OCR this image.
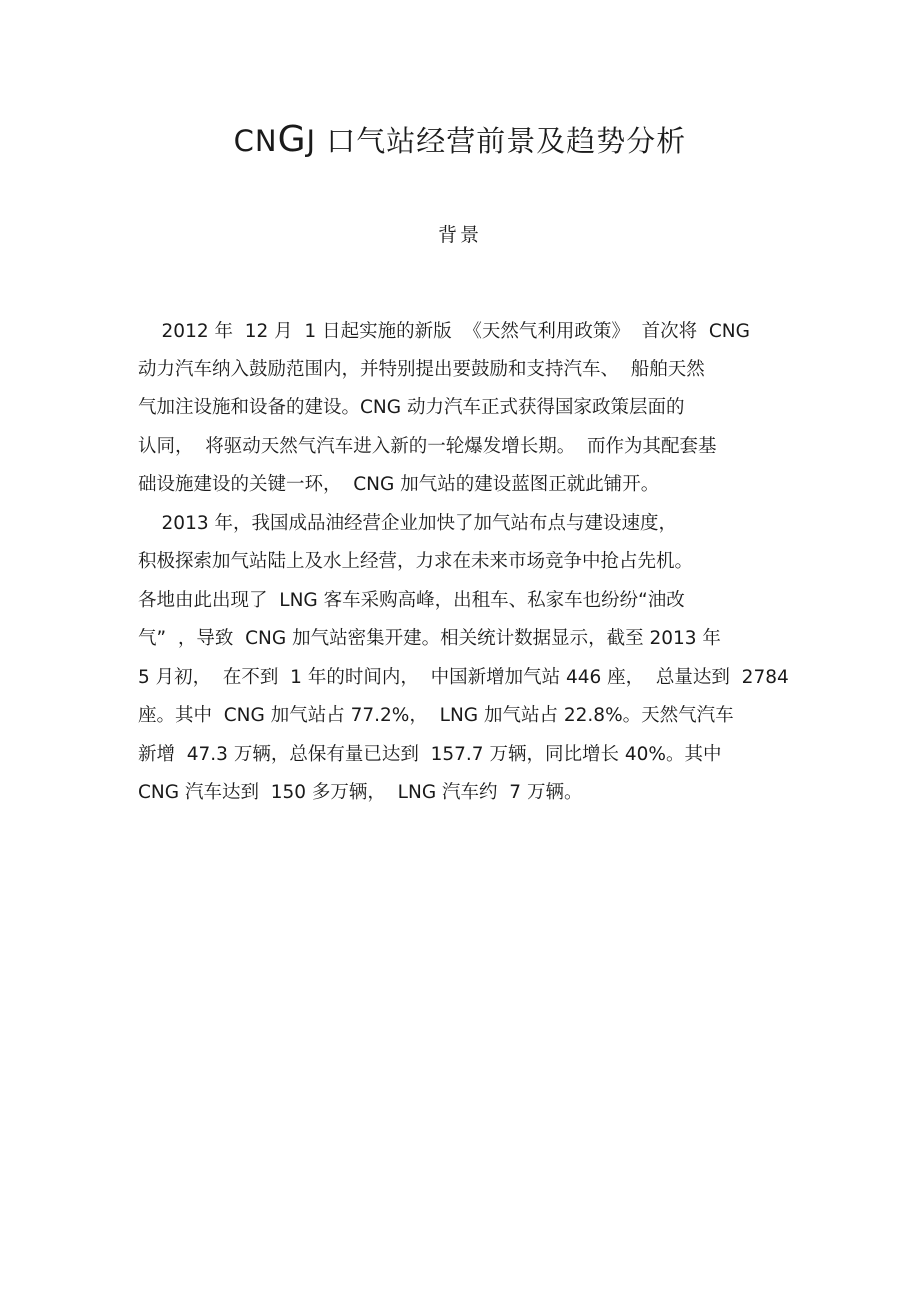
CNGJ 口气站经营前景及趋势分析
背景
2012 年  12 月  1 日起实施的新版  《天然气利用政策》  首次将  CNG
动力汽车纳入鼓励范围内，并特别提出要鼓励和支持汽车、  船舶天然
气加注设施和设备的建设。CNG 动力汽车正式获得国家政策层面的
认同，  将驱动天然气汽车进入新的一轮爆发增长期。  而作为其配套基
础设施建设的关键一环，  CNG 加气站的建设蓝图正就此铺开。
2013 年，我国成品油经营企业加快了加气站布点与建设速度，
积极探索加气站陆上及水上经营，力求在未来市场竞争中抢占先机。
各地由此出现了  LNG 客车采购高峰，出租车、私家车也纷纷“油改
气”  ，导致  CNG 加气站密集开建。相关统计数据显示，截至 2013 年
5 月初，  在不到  1 年的时间内，  中国新增加气站 446 座，  总量达到  2784
座。其中  CNG 加气站占 77.2%，  LNG 加气站占 22.8%。天然气汽车
新增  47.3 万辆，总保有量已达到  157.7 万辆，同比增长 40%。其中
CNG 汽车达到  150 多万辆，  LNG 汽车约  7 万辆。
